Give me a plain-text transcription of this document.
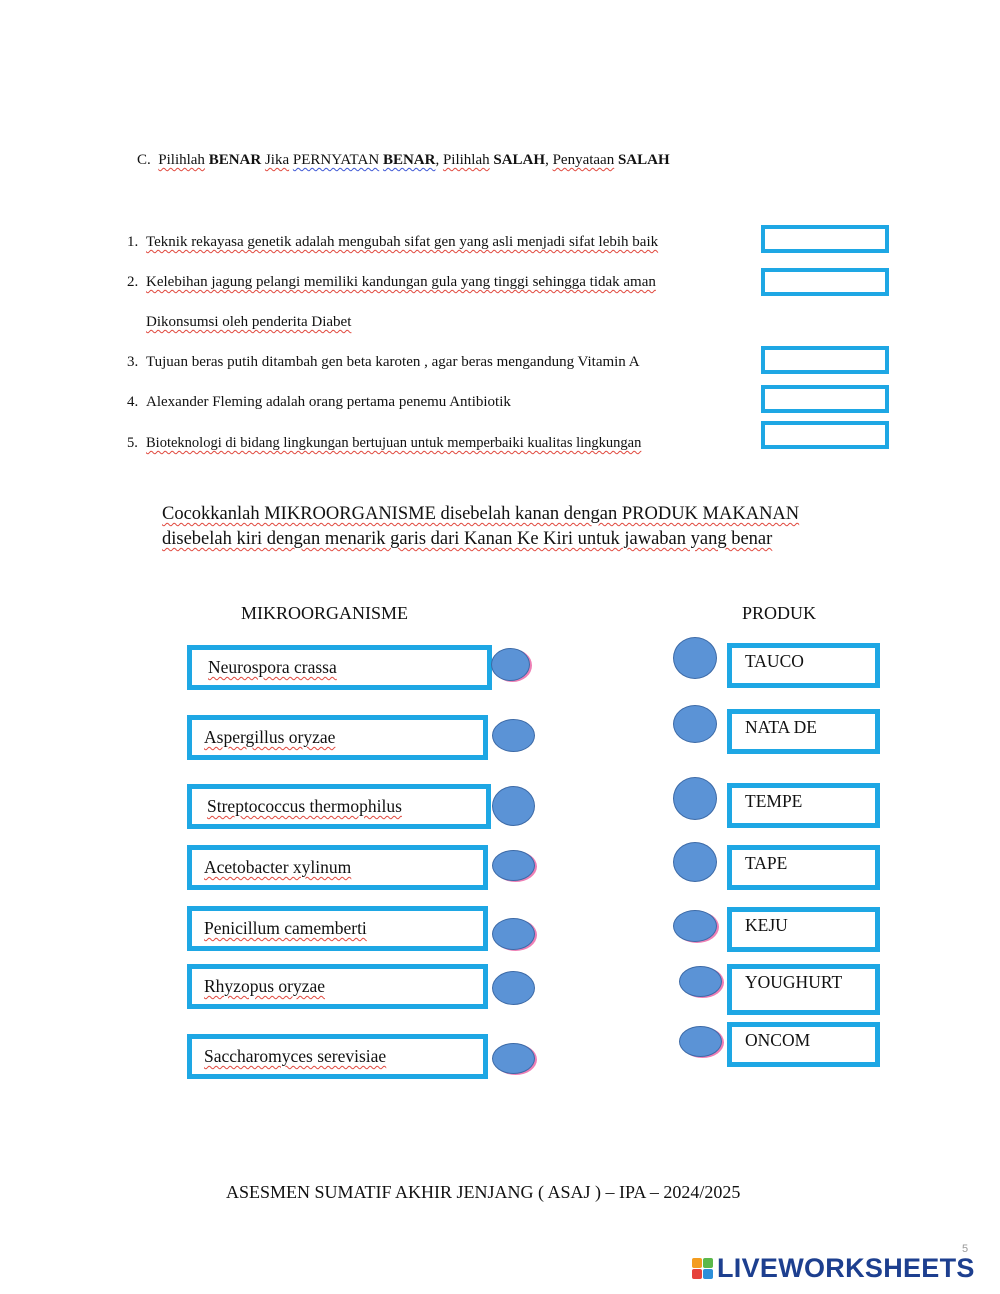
C. Pilihlah BENAR Jika PERNYATAN BENAR, Pilihlah SALAH, Penyataan SALAH
1. Teknik rekayasa genetik adalah mengubah sifat gen yang asli menjadi sifat lebih baik
2. Kelebihan jagung pelangi memiliki kandungan gula yang tinggi sehingga tidak aman
Dikonsumsi oleh penderita Diabet
3. Tujuan beras putih ditambah gen beta karoten , agar beras mengandung Vitamin A
4. Alexander Fleming adalah orang pertama penemu Antibiotik
5. Bioteknologi di bidang lingkungan bertujuan untuk memperbaiki kualitas lingkungan
Cocokkanlah MIKROORGANISME disebelah kanan dengan PRODUK MAKANAN
disebelah kiri dengan menarik garis dari Kanan Ke Kiri untuk jawaban yang benar
MIKROORGANISME	PRODUK
Neurospora crassa
Aspergillus oryzae
Streptococcus thermophilus
Acetobacter xylinum
Penicillum camemberti
Rhyzopus oryzae
Saccharomyces serevisiae
TAUCO
NATA DE
TEMPE
TAPE
KEJU
YOUGHURT
ONCOM
ASESMEN SUMATIF AKHIR JENJANG ( ASAJ ) – IPA – 2024/2025
5
LIVEWORKSHEETS
